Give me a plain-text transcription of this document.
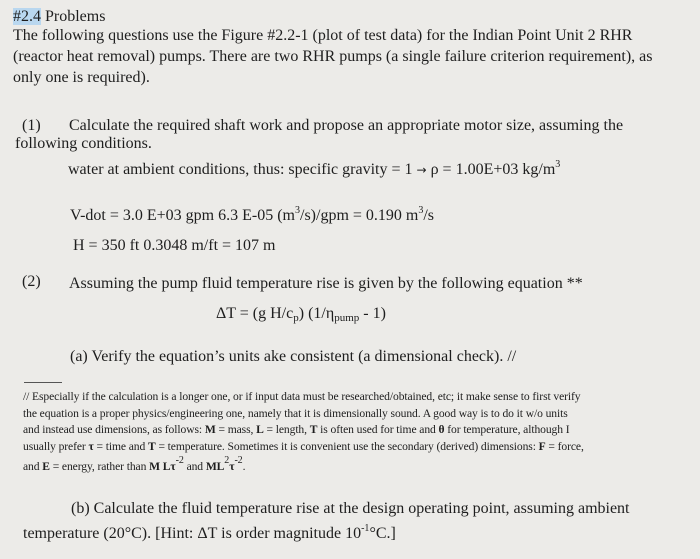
#2.4 Problems
The following questions use the Figure #2.2-1 (plot of test data) for the Indian Point Unit 2 RHR
(reactor heat removal) pumps. There are two RHR pumps (a single failure criterion requirement), as
only one is required).
(1) Calculate the required shaft work and propose an appropriate motor size, assuming the
following conditions.
water at ambient conditions, thus: specific gravity = 1 → ρ = 1.00E+03 $kg/m^3$
V-dot = 3.0 E+03 gpm 6.3 E-05 $(m^3/s)$/gpm = 0.190 $m^3/s$
H = 350 ft 0.3048 m/ft = 107 m
(2) Assuming the pump fluid temperature rise is given by the following equation **
ΔT = (g $H/c_p$) $(1/\eta_{pump} - 1)$
(a) Verify the equation’s units ake consistent (a dimensional check). //
// Especially if the calculation is a longer one, or if input data must be researched/obtained, etc; it make sense to first verify
the equation is a proper physics/engineering one, namely that it is dimensionally sound. A good way is to do it w/o units
and instead use dimensions, as follows: M = mass, L = length, T is often used for time and θ for temperature, although I
usually prefer τ = time and T = temperature. Sometimes it is convenient use the secondary (derived) dimensions: F = force,
and E = energy, rather than M $L\tau^{-2}$ and $ML^2\tau^{-2}$.
(b) Calculate the fluid temperature rise at the design operating point, assuming ambient
temperature (20°C). [Hint: ΔT is order magnitude $10^{-1}^\circ C$.]
